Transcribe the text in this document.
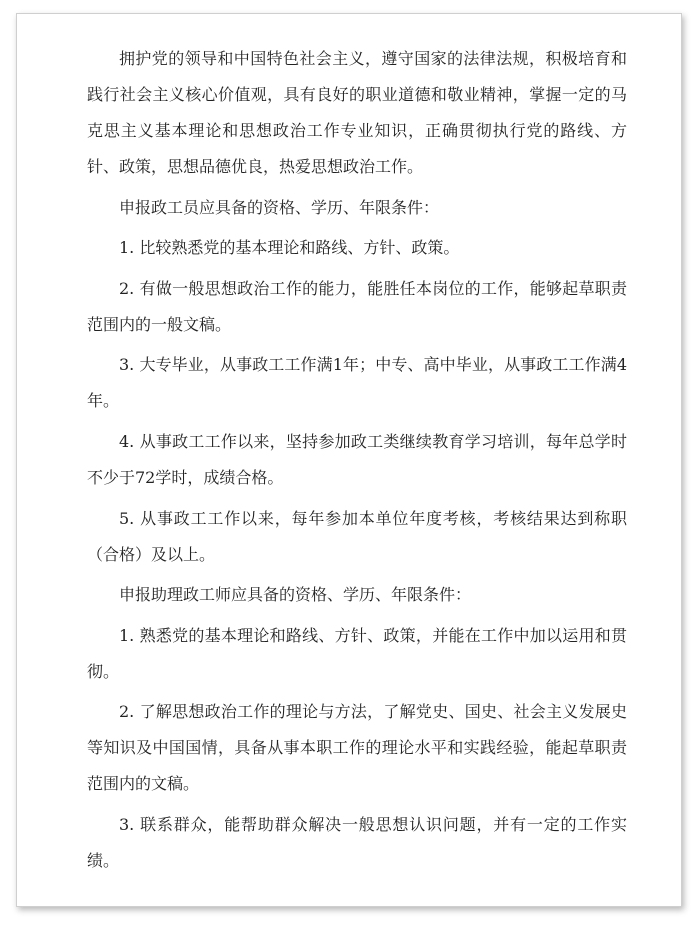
拥护党的领导和中国特色社会主义，遵守国家的法律法规，积极培育和践行社会主义核心价值观，具有良好的职业道德和敬业精神，掌握一定的马克思主义基本理论和思想政治工作专业知识，正确贯彻执行党的路线、方针、政策，思想品德优良，热爱思想政治工作。

申报政工员应具备的资格、学历、年限条件：

1. 比较熟悉党的基本理论和路线、方针、政策。

2. 有做一般思想政治工作的能力，能胜任本岗位的工作，能够起草职责范围内的一般文稿。

3. 大专毕业，从事政工工作满1年；中专、高中毕业，从事政工工作满4年。

4. 从事政工工作以来，坚持参加政工类继续教育学习培训，每年总学时不少于72学时，成绩合格。

5. 从事政工工作以来，每年参加本单位年度考核，考核结果达到称职（合格）及以上。

申报助理政工师应具备的资格、学历、年限条件：

1. 熟悉党的基本理论和路线、方针、政策，并能在工作中加以运用和贯彻。

2. 了解思想政治工作的理论与方法，了解党史、国史、社会主义发展史等知识及中国国情，具备从事本职工作的理论水平和实践经验，能起草职责范围内的文稿。

3. 联系群众，能帮助群众解决一般思想认识问题，并有一定的工作实绩。
